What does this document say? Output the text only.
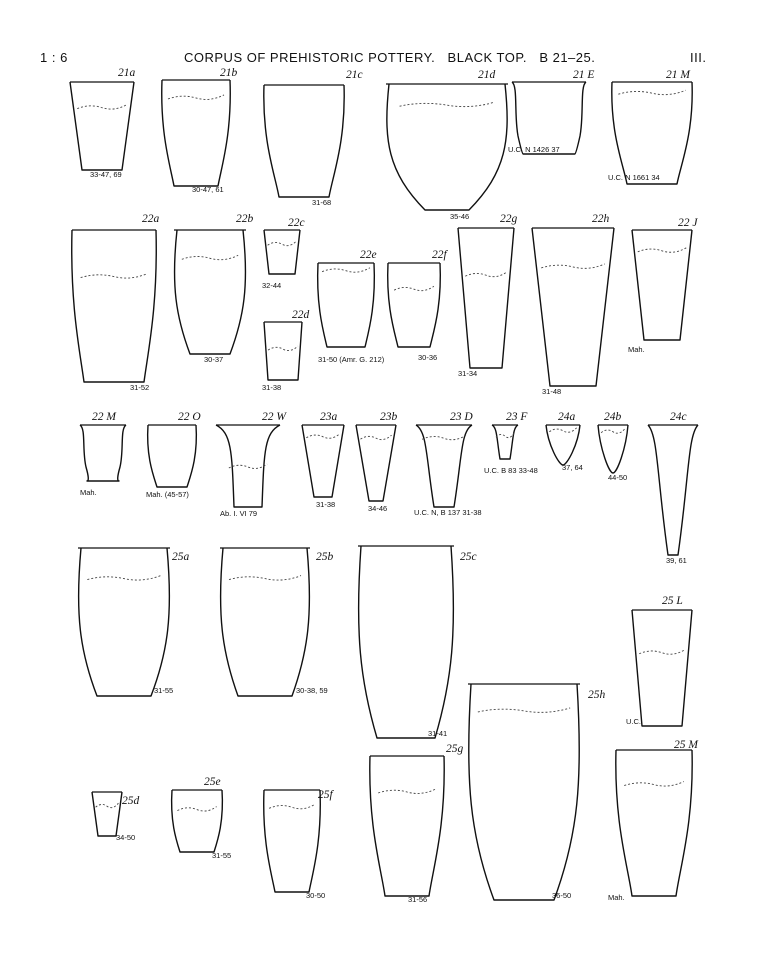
1 : 6	CORPUS OF PREHISTORIC POTTERY.   BLACK TOP.   B 21–25.	III.
21a
33-47, 69
21b
30-47, 61
21c
31-68
21d
35-46
21 E
U.C. N 1426 37
21 M
U.C. N 1661 34
22a
31-52
22b
30-37
22c
32-44
22d
31-38
22e
31-50 (Amr. G. 212)
22f
30-36
22g
31-34
22h
31-48
22 J
Mah.
22 M
Mah.
22 O
Mah. (45-57)
22 W
Ab. I. VI 79
23a
31-38
23b
34-46
23 D
U.C. N, B 137 31-38
23 F
U.C. B 83 33-48
24a
37, 64
24b
44-50
24c
39, 61
25a
31-55
25b
30-38, 59
25c
31-41
25 L
U.C.
25h
36-50
25g
31-56
25 M
Mah.
25d
34-50
25e
31-55
25f
30-50
